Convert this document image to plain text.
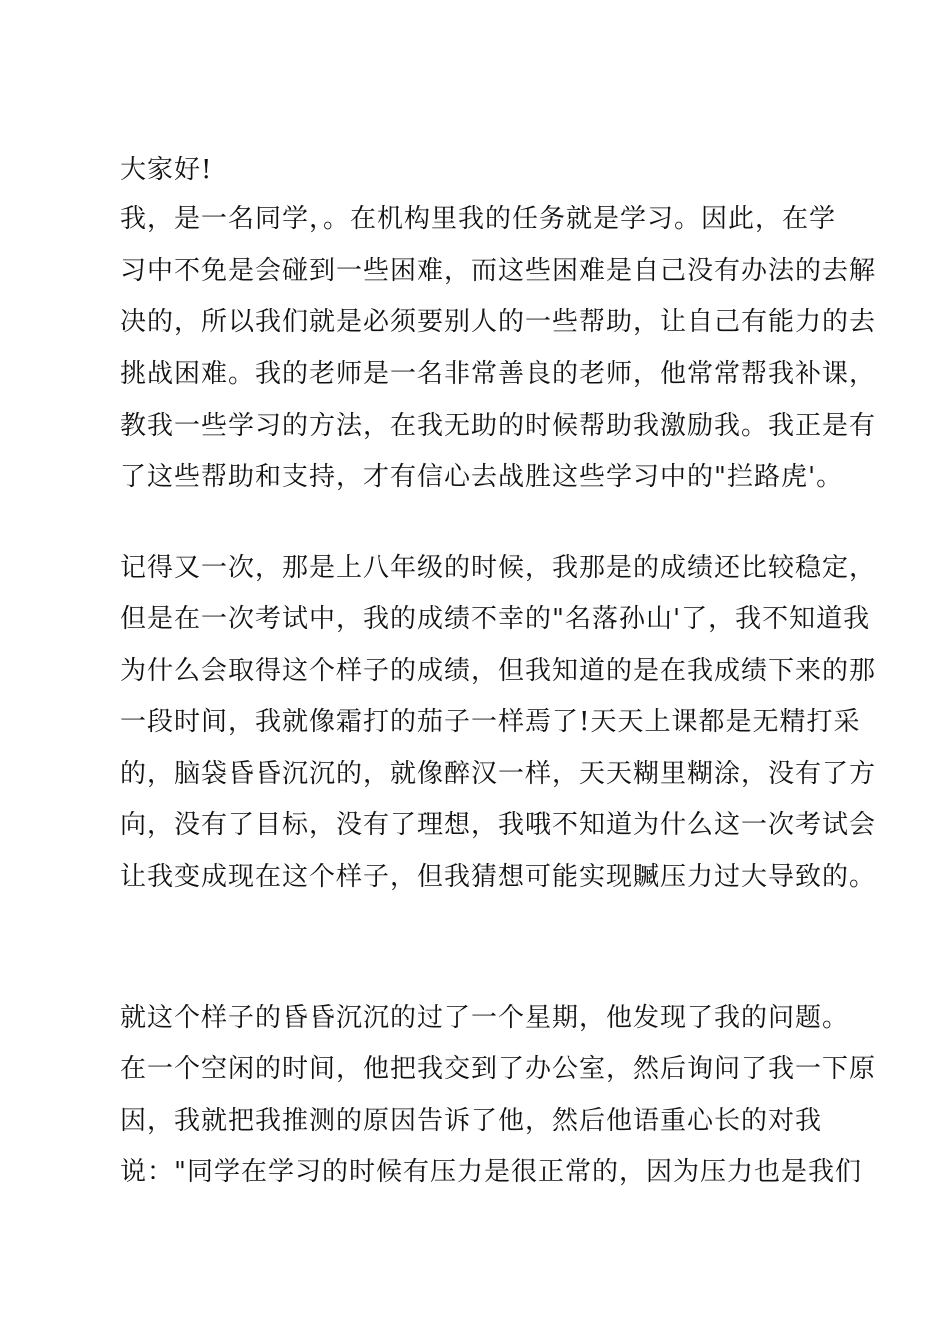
大家好!
我，是一名同学，。在机构里我的任务就是学习。因此，在学
习中不免是会碰到一些困难，而这些困难是自己没有办法的去解
决的，所以我们就是必须要别人的一些帮助，让自己有能力的去
挑战困难。我的老师是一名非常善良的老师，他常常帮我补课，
教我一些学习的方法，在我无助的时候帮助我激励我。我正是有
了这些帮助和支持，才有信心去战胜这些学习中的"拦路虎'。
记得又一次，那是上八年级的时候，我那是的成绩还比较稳定，
但是在一次考试中，我的成绩不幸的"名落孙山'了，我不知道我
为什么会取得这个样子的成绩，但我知道的是在我成绩下来的那
一段时间，我就像霜打的茄子一样焉了!天天上课都是无精打采
的，脑袋昏昏沉沉的，就像醉汉一样，天天糊里糊涂，没有了方
向，没有了目标，没有了理想，我哦不知道为什么这一次考试会
让我变成现在这个样子，但我猜想可能实现贓压力过大导致的。
就这个样子的昏昏沉沉的过了一个星期，他发现了我的问题。
在一个空闲的时间，他把我交到了办公室，然后询问了我一下原
因，我就把我推测的原因告诉了他，然后他语重心长的对我
说："同学在学习的时候有压力是很正常的，因为压力也是我们
